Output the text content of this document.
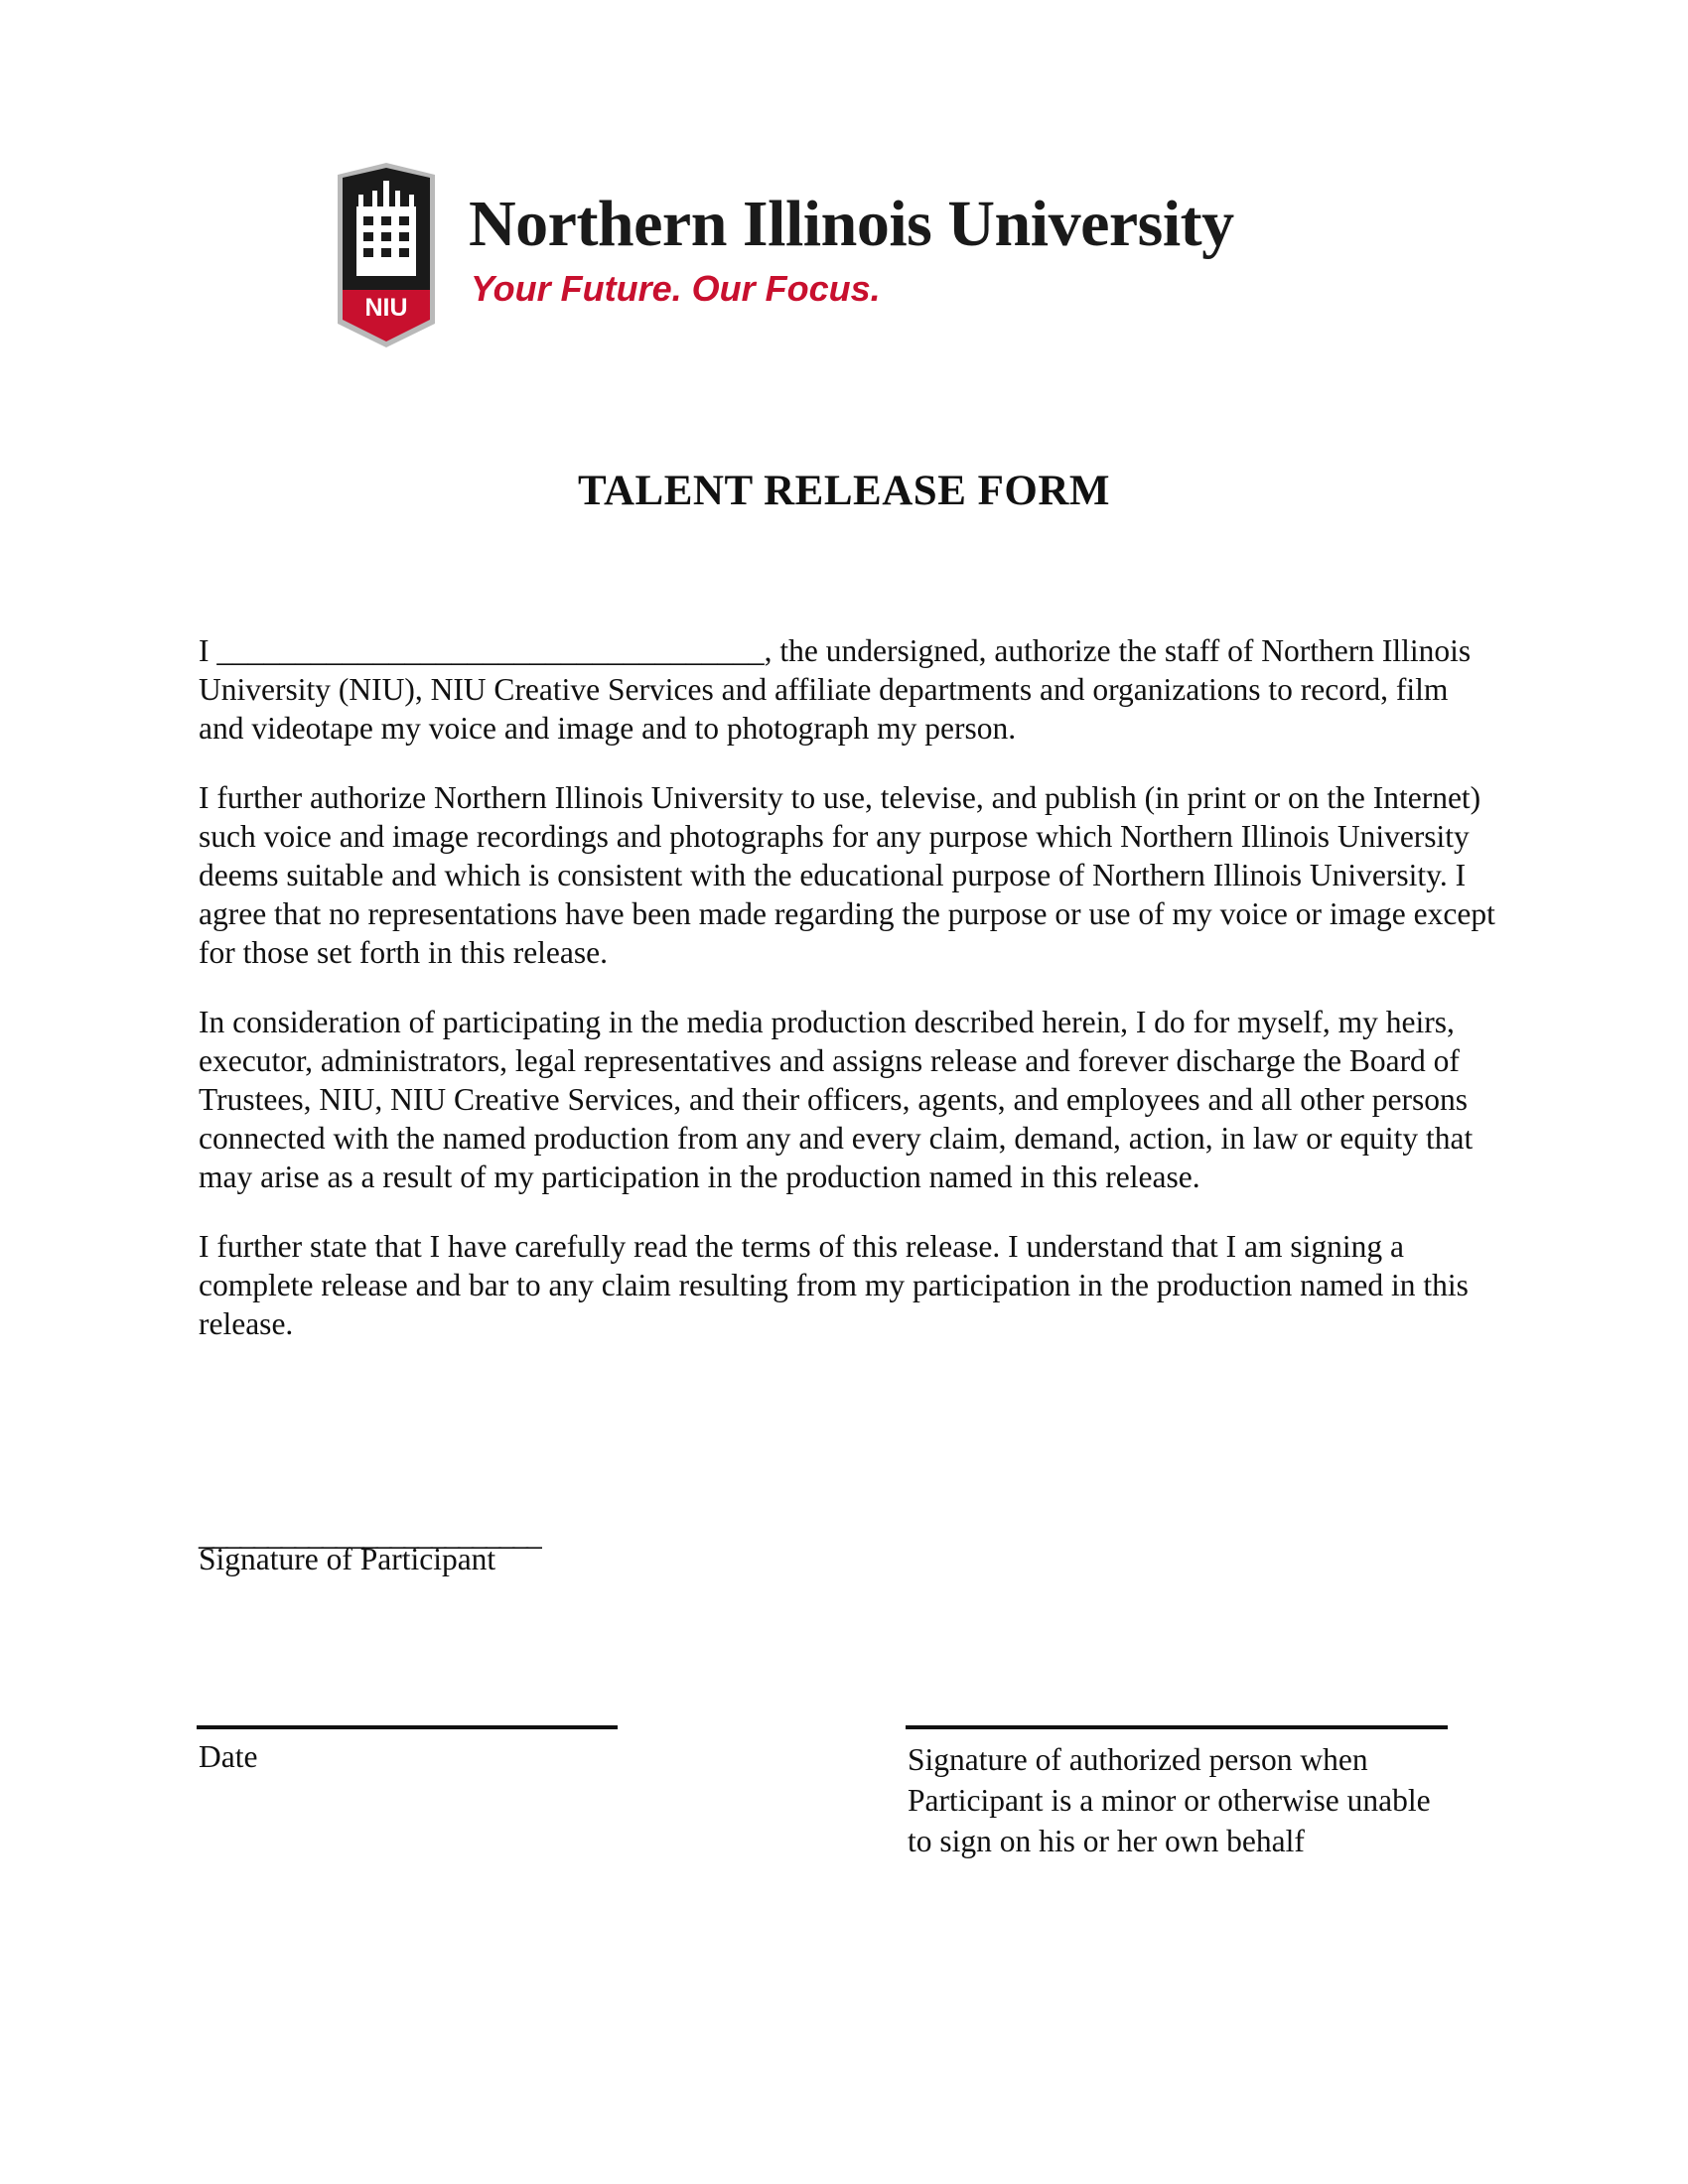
NIU
Northern Illinois University
Your Future. Our Focus.
TALENT RELEASE FORM

I ___________________________________, the undersigned, authorize the staff of Northern Illinois University (NIU), NIU Creative Services and affiliate departments and organizations to record, film and videotape my voice and image and to photograph my person.

I further authorize Northern Illinois University to use, televise, and publish (in print or on the Internet) such voice and image recordings and photographs for any purpose which Northern Illinois University deems suitable and which is consistent with the educational purpose of Northern Illinois University. I agree that no representations have been made regarding the purpose or use of my voice or image except for those set forth in this release.

In consideration of participating in the media production described herein, I do for myself, my heirs, executor, administrators, legal representatives and assigns release and forever discharge the Board of Trustees, NIU, NIU Creative Services, and their officers, agents, and employees and all other persons connected with the named production from any and every claim, demand, action, in law or equity that may arise as a result of my participation in the production named in this release.

I further state that I have carefully read the terms of this release. I understand that I am signing a complete release and bar to any claim resulting from my participation in the production named in this release.

_________________________
Signature of Participant
Date	Signature of authorized person when Participant is a minor or otherwise unable to sign on his or her own behalf
